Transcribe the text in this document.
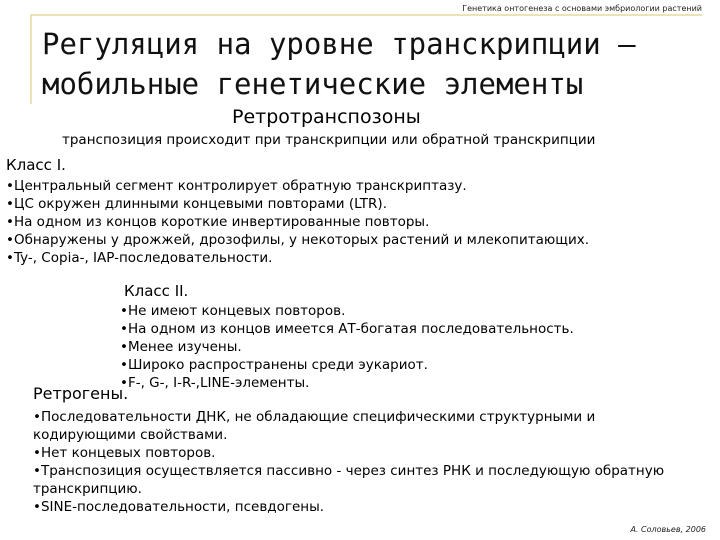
Генетика онтогенеза с основами эмбриологии растений
Регуляция на уровне транскрипции –
мобильные генетические элементы
Ретротранспозоны
транспозиция происходит при транскрипции или обратной транскрипции
Класс I.
•Центральный сегмент контролирует обратную транскриптазу.
•ЦС окружен длинными концевыми повторами (LTR).
•На одном из концов короткие инвертированные повторы.
•Обнаружены у дрожжей, дрозофилы, у некоторых растений и млекопитающих.
•Ty-, Copia-, IAP-последовательности.
Класс II.
•Не имеют концевых повторов.
•На одном из концов имеется АТ-богатая последовательность.
•Менее изучены.
•Широко распространены среди эукариот.
•F-, G-, I-R-,LINE-элементы.
Ретрогены.
•Последовательности ДНК, не обладающие специфическими структурными и кодирующими свойствами.
•Нет концевых повторов.
•Транспозиция осуществляется пассивно - через синтез РНК и последующую обратную транскрипцию.
•SINE-последовательности, псевдогены.
А. Соловьев, 2006
